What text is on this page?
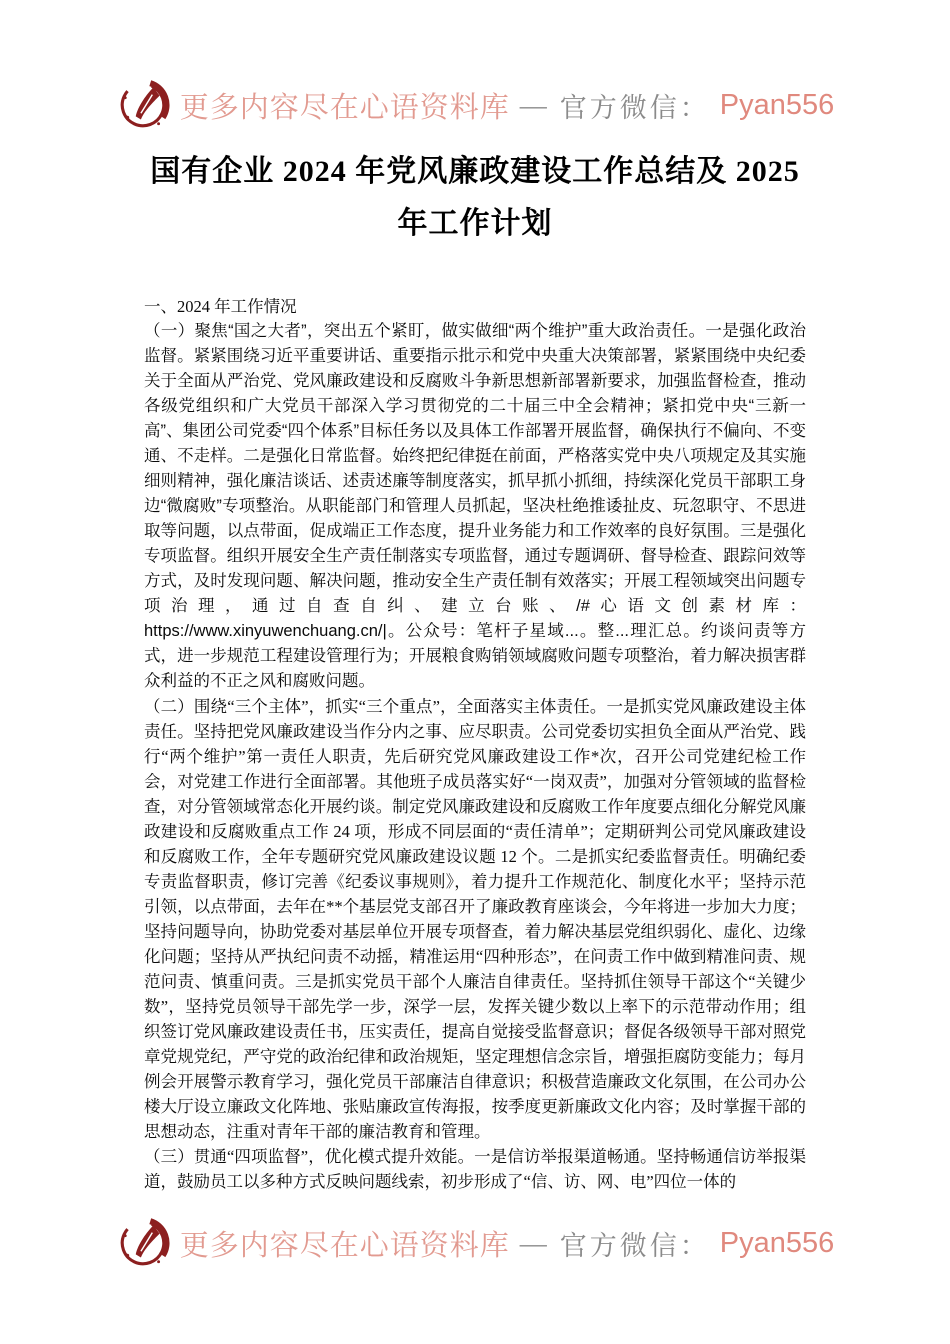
更多内容尽在心语资料库 — 官方微信： Pyan556
国有企业 2024 年党风廉政建设工作总结及 2025 年工作计划

一、2024 年工作情况

（一）聚焦“国之大者”，突出五个紧盯，做实做细“两个维护”重大政治责任。一是强化政治监督。紧紧围绕习近平重要讲话、重要指示批示和党中央重大决策部署，紧紧围绕中央纪委关于全面从严治党、党风廉政建设和反腐败斗争新思想新部署新要求，加强监督检查，推动各级党组织和广大党员干部深入学习贯彻党的二十届三中全会精神；紧扣党中央“三新一高”、集团公司党委“四个体系”目标任务以及具体工作部署开展监督，确保执行不偏向、不变通、不走样。二是强化日常监督。始终把纪律挺在前面，严格落实党中央八项规定及其实施细则精神，强化廉洁谈话、述责述廉等制度落实，抓早抓小抓细，持续深化党员干部职工身边“微腐败”专项整治。从职能部门和管理人员抓起，坚决杜绝推诿扯皮、玩忽职守、不思进取等问题，以点带面，促成端正工作态度，提升业务能力和工作效率的良好氛围。三是强化专项监督。组织开展安全生产责任制落实专项监督，通过专题调研、督导检查、跟踪问效等方式，及时发现问题、解决问题，推动安全生产责任制有效落实；开展工程领域突出问题专项治理，通过自查自纠、建立台账、/#心语文创素材库：https://www.xinyuwenchuang.cn/|。公众号：笔杆子星域...。整...理汇总。约谈问责等方式，进一步规范工程建设管理行为；开展粮食购销领域腐败问题专项整治，着力解决损害群众利益的不正之风和腐败问题。

（二）围绕“三个主体”，抓实“三个重点”，全面落实主体责任。一是抓实党风廉政建设主体责任。坚持把党风廉政建设当作分内之事、应尽职责。公司党委切实担负全面从严治党、践行“两个维护”第一责任人职责，先后研究党风廉政建设工作*次，召开公司党建纪检工作会，对党建工作进行全面部署。其他班子成员落实好“一岗双责”，加强对分管领域的监督检查，对分管领域常态化开展约谈。制定党风廉政建设和反腐败工作年度要点细化分解党风廉政建设和反腐败重点工作 24 项，形成不同层面的“责任清单”；定期研判公司党风廉政建设和反腐败工作，全年专题研究党风廉政建设议题 12 个。二是抓实纪委监督责任。明确纪委专责监督职责，修订完善《纪委议事规则》，着力提升工作规范化、制度化水平；坚持示范引领，以点带面，去年在**个基层党支部召开了廉政教育座谈会，今年将进一步加大力度；坚持问题导向，协助党委对基层单位开展专项督查，着力解决基层党组织弱化、虚化、边缘化问题；坚持从严执纪问责不动摇，精准运用“四种形态”，在问责工作中做到精准问责、规范问责、慎重问责。三是抓实党员干部个人廉洁自律责任。坚持抓住领导干部这个“关键少数”，坚持党员领导干部先学一步，深学一层，发挥关键少数以上率下的示范带动作用；组织签订党风廉政建设责任书，压实责任，提高自觉接受监督意识；督促各级领导干部对照党章党规党纪，严守党的政治纪律和政治规矩，坚定理想信念宗旨，增强拒腐防变能力；每月例会开展警示教育学习，强化党员干部廉洁自律意识；积极营造廉政文化氛围，在公司办公楼大厅设立廉政文化阵地、张贴廉政宣传海报，按季度更新廉政文化内容；及时掌握干部的思想动态，注重对青年干部的廉洁教育和管理。

（三）贯通“四项监督”，优化模式提升效能。一是信访举报渠道畅通。坚持畅通信访举报渠道，鼓励员工以多种方式反映问题线索，初步形成了“信、访、网、电”四位一体的

更多内容尽在心语资料库 — 官方微信： Pyan556
